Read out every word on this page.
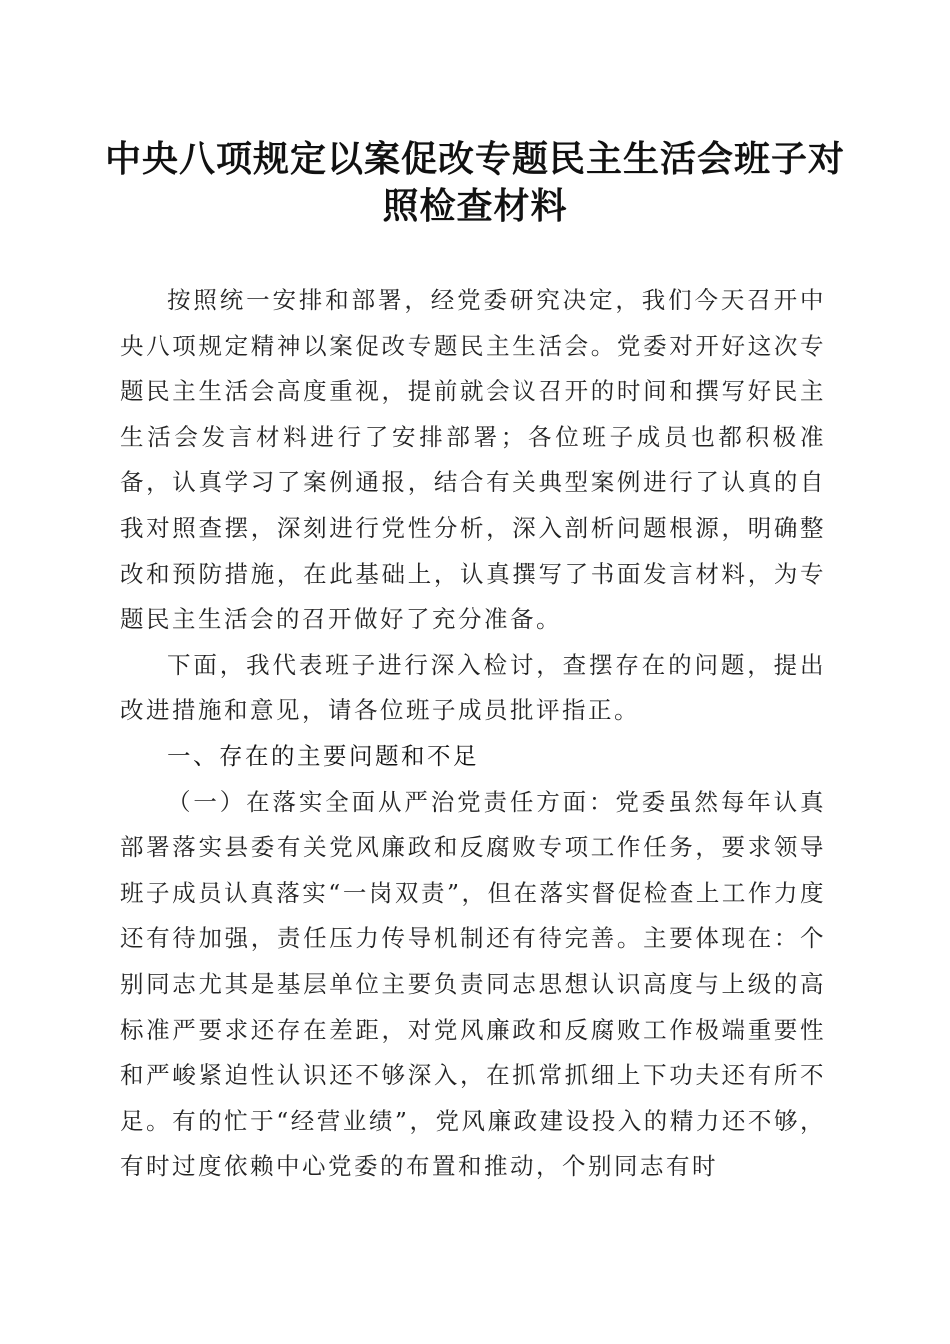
中央八项规定以案促改专题民主生活会班子对照检查材料

按照统一安排和部署，经党委研究决定，我们今天召开中央八项规定精神以案促改专题民主生活会。党委对开好这次专题民主生活会高度重视，提前就会议召开的时间和撰写好民主生活会发言材料进行了安排部署；各位班子成员也都积极准备，认真学习了案例通报，结合有关典型案例进行了认真的自我对照查摆，深刻进行党性分析，深入剖析问题根源，明确整改和预防措施，在此基础上，认真撰写了书面发言材料，为专题民主生活会的召开做好了充分准备。

下面，我代表班子进行深入检讨，查摆存在的问题，提出改进措施和意见，请各位班子成员批评指正。

一、存在的主要问题和不足

（一）在落实全面从严治党责任方面：党委虽然每年认真部署落实县委有关党风廉政和反腐败专项工作任务，要求领导班子成员认真落实“一岗双责”，但在落实督促检查上工作力度还有待加强，责任压力传导机制还有待完善。主要体现在：个别同志尤其是基层单位主要负责同志思想认识高度与上级的高标准严要求还存在差距，对党风廉政和反腐败工作极端重要性和严峻紧迫性认识还不够深入，在抓常抓细上下功夫还有所不足。有的忙于“经营业绩”，党风廉政建设投入的精力还不够，有时过度依赖中心党委的布置和推动，个别同志有时
